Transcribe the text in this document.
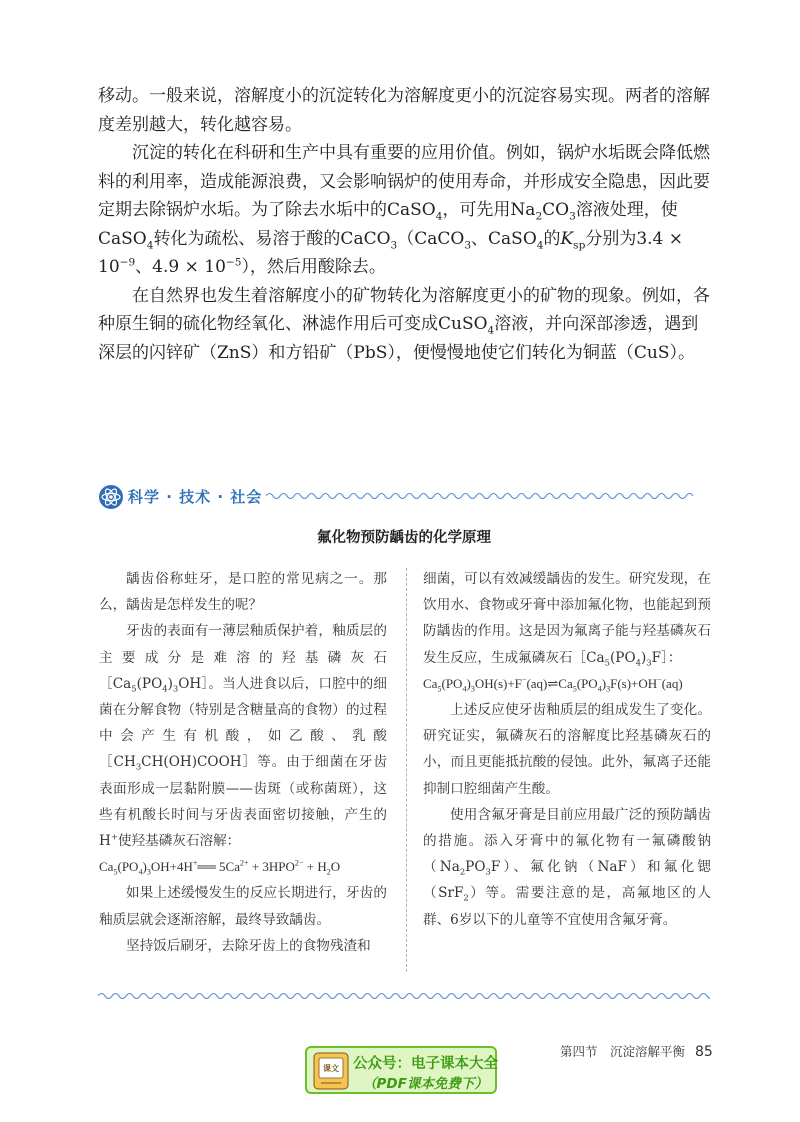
移动。一般来说，溶解度小的沉淀转化为溶解度更小的沉淀容易实现。两者的溶解度差别越大，转化越容易。

沉淀的转化在科研和生产中具有重要的应用价值。例如，锅炉水垢既会降低燃料的利用率，造成能源浪费，又会影响锅炉的使用寿命，并形成安全隐患，因此要定期去除锅炉水垢。为了除去水垢中的CaSO$_4$，可先用$Na_2CO_3$溶液处理，使CaSO$_4$转化为疏松、易溶于酸的CaCO$_3$（CaCO$_3$、CaSO$_4$的$K_{sp}$分别为$3.4 \times 10^{-9}$、$4.9 \times 10^{-5}$），然后用酸除去。

在自然界也发生着溶解度小的矿物转化为溶解度更小的矿物的现象。例如，各种原生铜的硫化物经氧化、淋滤作用后可变成CuSO$_4$溶液，并向深部渗透，遇到深层的闪锌矿（ZnS）和方铅矿（PbS），便慢慢地使它们转化为铜蓝（CuS）。

科学 · 技术 · 社会
氟化物预防龋齿的化学原理

龋齿俗称蛀牙，是口腔的常见病之一。那么，龋齿是怎样发生的呢？

牙齿的表面有一薄层釉质保护着，釉质层的主要成分是难溶的羟基磷灰石$[Ca_5(PO_4)_3OH]$。当人进食以后，口腔中的细菌在分解食物（特别是含糖量高的食物）的过程中会产生有机酸，如乙酸、乳酸$[CH_3CH(OH)COOH]$等。由于细菌在牙齿表面形成一层黏附膜——齿斑（或称菌斑），这些有机酸长时间与牙齿表面密切接触，产生的H+使羟基磷灰石溶解：

$Ca_5(PO_4)_3OH+4H^+══$ $5Ca^{2+} + 3HPO^{2-} + H_2O$

如果上述缓慢发生的反应长期进行，牙齿的釉质层就会逐渐溶解，最终导致龋齿。

坚持饭后刷牙，去除牙齿上的食物残渣和

细菌，可以有效减缓龋齿的发生。研究发现，在饮用水、食物或牙膏中添加氟化物，也能起到预防龋齿的作用。这是因为氟离子能与羟基磷灰石发生反应，生成氟磷灰石$[Ca_5(PO_4)_3F]$：

$Ca_5(PO_4)_3OH(s)+F^-(aq)\rightleftharpoons Ca_5(PO_4)_3F(s)+OH^-(aq)$

上述反应使牙齿釉质层的组成发生了变化。研究证实，氟磷灰石的溶解度比羟基磷灰石的小，而且更能抵抗酸的侵蚀。此外，氟离子还能抑制口腔细菌产生酸。

使用含氟牙膏是目前应用最广泛的预防龋齿的措施。添入牙膏中的氟化物有一氟磷酸钠$(Na_2PO_3F)$、氟化钠（NaF）和氟化锶（SrF$_2$）等。需要注意的是，高氟地区的人群、6岁以下的儿童等不宜使用含氟牙膏。

课文 公众号：电子课本大全
（PDF课本免费下）
第四节　沉淀溶解平衡 85
